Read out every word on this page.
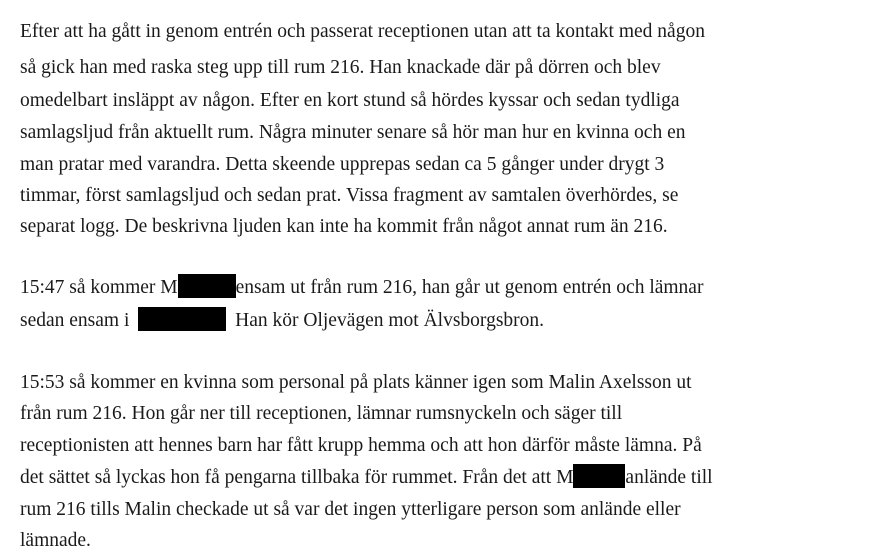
Efter att ha gått in genom entrén och passerat receptionen utan att ta kontakt med någon
så gick han med raska steg upp till rum 216. Han knackade där på dörren och blev
omedelbart insläppt av någon. Efter en kort stund så hördes kyssar och sedan tydliga
samlagsljud från aktuellt rum. Några minuter senare så hör man hur en kvinna och en
man pratar med varandra. Detta skeende upprepas sedan ca 5 gånger under drygt 3
timmar, först samlagsljud och sedan prat. Vissa fragment av samtalen överhördes, se
separat logg. De beskrivna ljuden kan inte ha kommit från något annat rum än 216.
15:47 så kommer M	ensam ut från rum 216, han går ut genom entrén och lämnar
sedan ensam i	Han kör Oljevägen mot Älvsborgsbron.
15:53 så kommer en kvinna som personal på plats känner igen som Malin Axelsson ut
från rum 216. Hon går ner till receptionen, lämnar rumsnyckeln och säger till
receptionisten att hennes barn har fått krupp hemma och att hon därför måste lämna. På
det sättet så lyckas hon få pengarna tillbaka för rummet. Från det att M	anlände till
rum 216 tills Malin checkade ut så var det ingen ytterligare person som anlände eller
lämnade.
